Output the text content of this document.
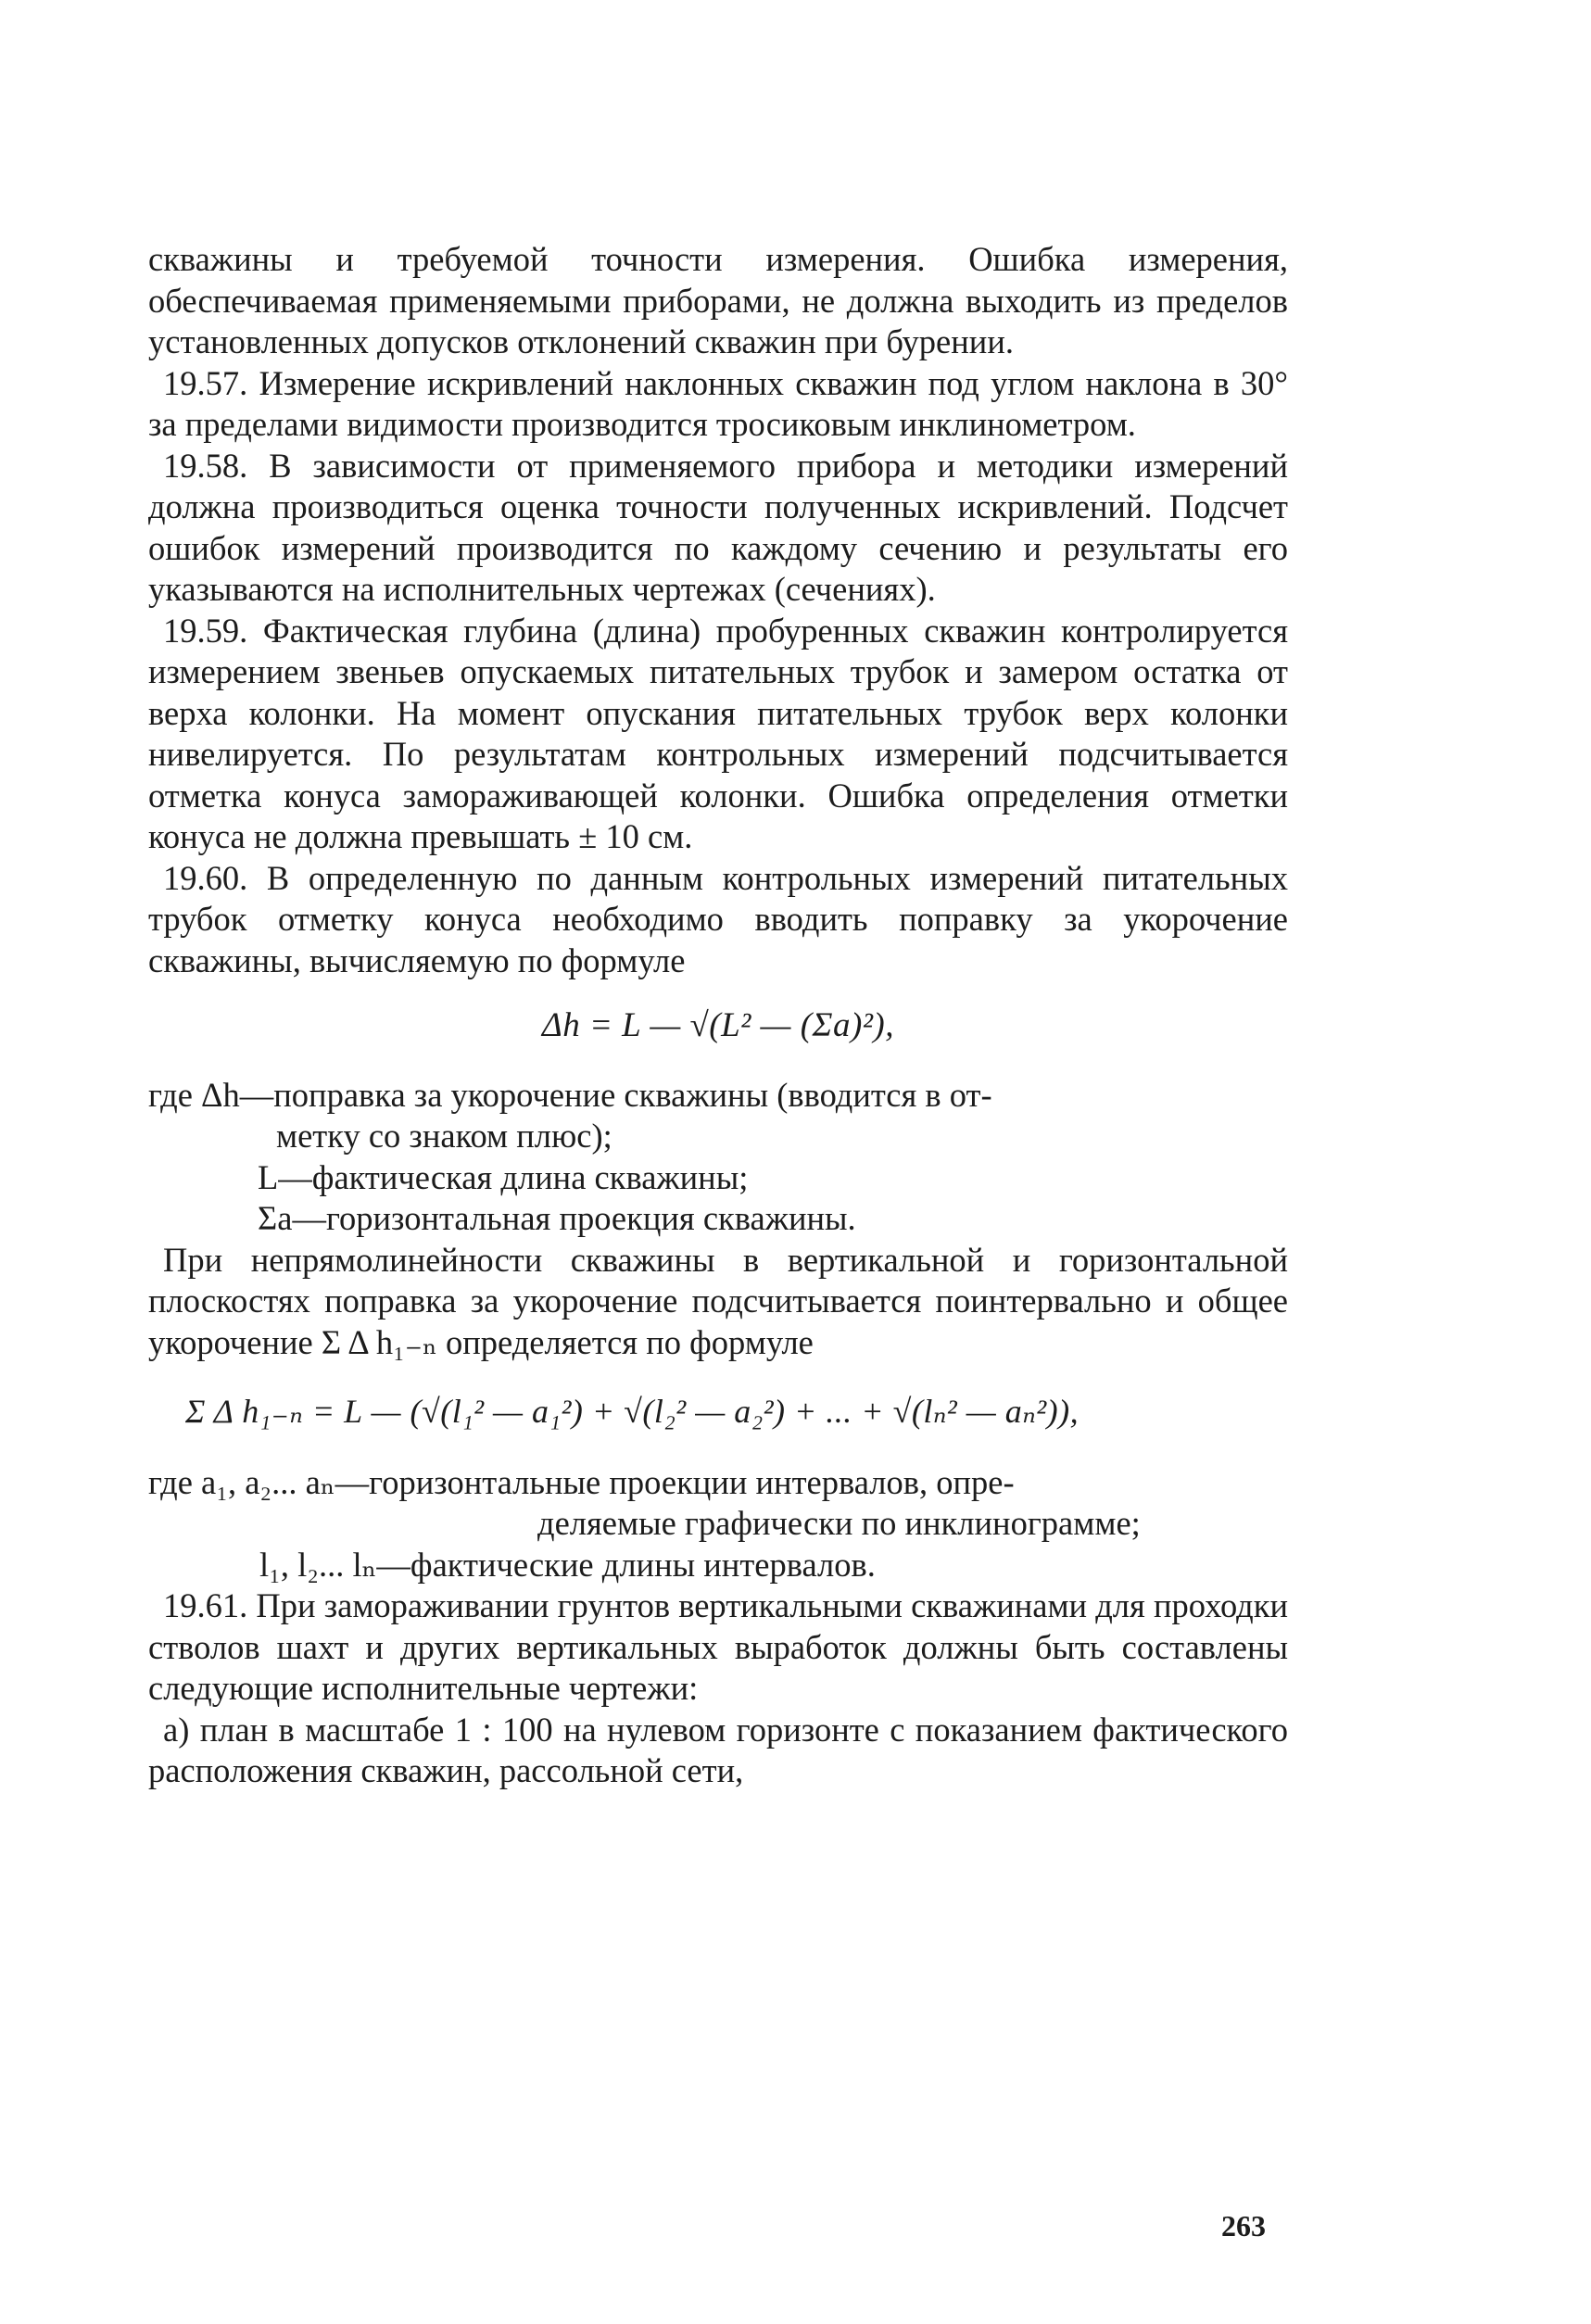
скважины и требуемой точности измерения. Ошибка измерения, обеспечиваемая применяемыми приборами, не должна выходить из пределов установленных допусков отклонений скважин при бурении.

19.57. Измерение искривлений наклонных скважин под углом наклона в 30° за пределами видимости производится тросиковым инклинометром.

19.58. В зависимости от применяемого прибора и методики измерений должна производиться оценка точности полученных искривлений. Подсчет ошибок измерений производится по каждому сечению и результаты его указываются на исполнительных чертежах (сечениях).

19.59. Фактическая глубина (длина) пробуренных скважин контролируется измерением звеньев опускаемых питательных трубок и замером остатка от верха колонки. На момент опускания питательных трубок верх колонки нивелируется. По результатам контрольных измерений подсчитывается отметка конуса замораживающей колонки. Ошибка определения отметки конуса не должна превышать ± 10 см.

19.60. В определенную по данным контрольных измерений питательных трубок отметку конуса необходимо вводить поправку за укорочение скважины, вычисляемую по формуле

Δh = L — √(L² — (Σa)²),
где Δh—поправка за укорочение скважины (вводится в от-
метку со знаком плюс);
L—фактическая длина скважины;
Σa—горизонтальная проекция скважины.

При непрямолинейности скважины в вертикальной и горизонтальной плоскостях поправка за укорочение подсчитывается поинтервально и общее укорочение Σ Δ h₁₋ₙ определяется по формуле

Σ Δ h₁₋ₙ = L — (√(l₁² — a₁²) + √(l₂² — a₂²) + ... + √(lₙ² — aₙ²)),
где a₁, a₂... aₙ—горизонтальные проекции интервалов, опре-
деляемые графически по инклинограмме;
l₁, l₂... lₙ—фактические длины интервалов.

19.61. При замораживании грунтов вертикальными скважинами для проходки стволов шахт и других вертикальных выработок должны быть составлены следующие исполнительные чертежи:

а) план в масштабе 1 : 100 на нулевом горизонте с показанием фактического расположения скважин, рассольной сети,

263
